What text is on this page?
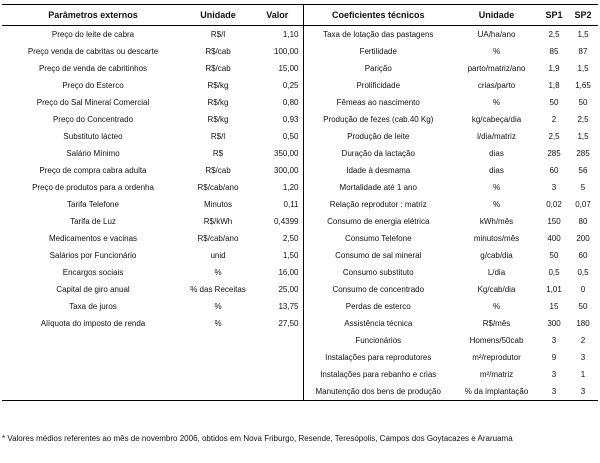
Parâmetros externos	Unidade	Valor	Coeficientes técnicos	Unidade	SP1	SP2
Preço do leite de cabra	R$/l	1,10	Taxa de lotação das pastagens	UA/ha/ano	2,5	1,5
Preço venda de cabritas ou descarte	R$/cab	100,00	Fertilidade	%	85	87
Preço de venda de cabritinhos	R$/cab	15,00	Parição	parto/matriz/ano	1,9	1,5
Preço do Esterco	R$/kg	0,25	Prolificidade	crias/parto	1,8	1,65
Preço do Sal Mineral Comercial	R$/kg	0,80	Fêmeas ao nascimento	%	50	50
Preço do Concentrado	R$/kg	0,93	Produção de fezes (cab.40 Kg)	kg/cabeça/dia	2	2,5
Substituto lácteo	R$/l	0,50	Produção de leite	l/dia/matriz	2,5	1,5
Salário Mínimo	R$	350,00	Duração da lactação	dias	285	285
Preço de compra cabra adulta	R$/cab	300,00	Idade à desmama	dias	60	56
Preço de produtos para a ordenha	R$/cab/ano	1,20	Mortalidade até 1 ano	%	3	5
Tarifa Telefone	Minutos	0,11	Relação reprodutor : matriz	%	0,02	0,07
Tarifa de Luz	R$/kWh	0,4399	Consumo de energia elétrica	kWh/mês	150	80
Medicamentos e vacinas	R$/cab/ano	2,50	Consumo Telefone	minutos/mês	400	200
Salários por Funcionário	unid	1,50	Consumo de sal mineral	g/cab/dia	50	60
Encargos sociais	%	16,00	Consumo substituto	L/dia	0,5	0,5
Capital de giro anual	% das Receitas	25,00	Consumo de concentrado	Kg/cab/dia	1,01	0
Taxa de juros	%	13,75	Perdas de esterco	%	15	50
Alíquota do imposto de renda	%	27,50	Assistência técnica	R$/mês	300	180
			Funcionários	Homens/50cab	3	2
			Instalações para reprodutores	m²/reprodutor	9	3
			Instalações para rebanho e crias	m²/matriz	3	1
			Manutenção dos bens de produção	% da implantação	3	3
* Valores médios referentes ao mês de novembro 2006, obtidos em Nova Friburgo, Resende, Teresópolis, Campos dos Goytacazes e Araruama
